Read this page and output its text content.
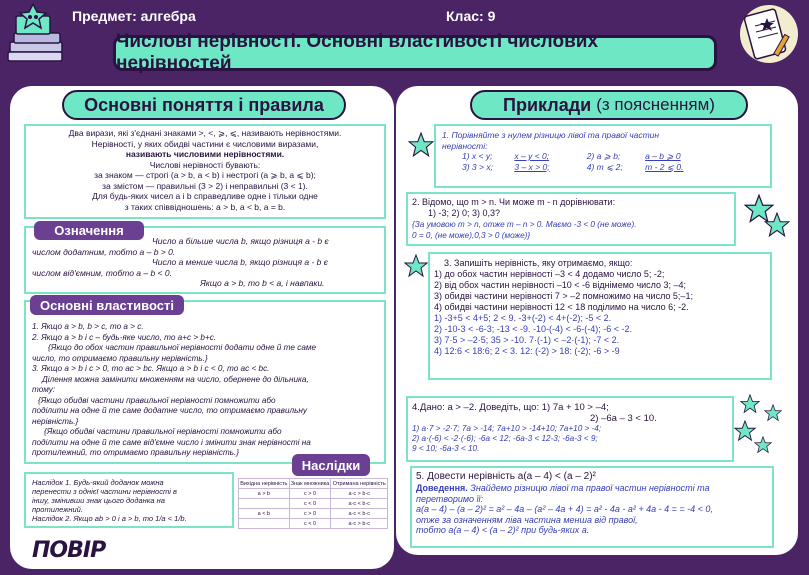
Предмет: алгебра	Клас: 9
Числові нерівності. Основні властивості числових нерівностей
Основні поняття і правила
Два вирази, які з'єднані знаками >, <, ⩾, ⩽, називають нерівностями.
Нерівності, у яких обидві частини є числовими виразами,
називають числовими нерівностями.
Числові нерівності бувають:
за знаком — строгі (a > b, a < b) і нестрогі (a ⩾ b, a ⩽ b);
за змістом — правильні (3 > 2) і неправильні (3 < 1).
Для будь-яких чисел a і b справедливе одне і тільки одне
з таких співвідношень: a > b, a < b, a = b.
Число a більше числа b, якщо різниця a - b є
числом додатним, тобто a – b > 0.
Число a менше числа b, якщо різниця a - b є
числом від'ємним, тобто a – b < 0.
Якщо a > b, то b < a, і навпаки.
Означення
1. Якщо a > b, b > c, то a > c.
2. Якщо a > b i c – будь-яке число, то a+c > b+c.
{Якщо до обох частин правильної нерівності додати одне й те саме
число, то отримаємо правильну нерівність.}
3. Якщо a > b i c > 0, то ac > bc. Якщо a > b i c < 0, то ac < bc.
Ділення можна замінити множенням на число, обернене до дільника,
тому:
{Якщо обидві частини правильної нерівності помножити або
поділити на одне й те саме додатне число, то отримаємо правильну
нерівність.}
{Якщо обидві частини правильної нерівності помножити або
поділити на одне й те саме від'ємне число і змінити знак нерівності на
протилежний, то отримаємо правильну нерівність.}
Основні властивості
Наслідки
Наслідок 1. Будь-який доданок можна
перенести з однієї частини нерівності в
іншу, змінивши знак цього доданка на
протилежний.
Наслідок 2. Якщо ab > 0 і a > b, то 1/a < 1/b.
Вихідна нерівність	Знак множника	Отримана нерівність
a > b	c > 0	a·c > b·c
	c < 0	a·c < b·c
a < b	c > 0	a·c < b·c
	c < 0	a·c > b·c
ПОВІР
Приклади (з поясненням)
1. Порівняйте з нулем різницю лівої та правої частин
нерівності:
1) x < y;	x – y < 0;	2) a ⩾ b;	a – b ⩾ 0
3) 3 > x;	3 – x > 0;	4) m ⩽ 2;	m - 2 ⩽ 0.
2. Відомо, що m > n. Чи може m - n дорівнювати:
1) -3; 2) 0; 3) 0,3?
{За умовою m > n, отже m – n > 0. Маємо -3 < 0 (не може).
0 = 0, (не може),0,3 > 0 (може)}
3. Запишіть нерівність, яку отримаємо, якщо:
1) до обох частин нерівності –3 < 4 додамо число 5; -2;
2) від обох частин нерівності –10 < -6 віднімемо число 3; –4;
3) обидві частини нерівності 7 > –2 помножимо на число 5;–1;
4) обидві частини нерівності 12 < 18 поділимо на число 6; -2.
1) -3+5 < 4+5; 2 < 9. -3+(-2) < 4+(-2); -5 < 2.
2) -10-3 < -6-3; -13 < -9. -10-(-4) < -6-(-4); -6 < -2.
3) 7·5 > –2·5; 35 > -10. 7·(-1) < –2·(-1); -7 < 2.
4) 12:6 < 18:6; 2 < 3. 12: (-2) > 18: (-2); -6 > -9
4.Дано: a > –2. Доведіть, що: 1) 7a + 10 > –4;
2) –6a – 3 < 10.
1) a·7 > -2·7; 7a > -14; 7a+10 > -14+10; 7a+10 > -4;
2) a·(-6) < -2·(-6); -6a < 12; -6a-3 < 12-3; -6a-3 < 9;
9 < 10; -6a-3 < 10.
5. Довести нерівність a(a – 4) < (a – 2)²
Доведення. Знайдемо різницю лівої та правої частин нерівності та
перетворимо її:
a(a – 4) – (a – 2)² = a² – 4a – (a² – 4a + 4) = a² - 4a - a² + 4a - 4 = = -4 < 0,
отже за означенням ліва частина менша від правої,
тобто a(a – 4) < (a – 2)² при будь-яких a.
